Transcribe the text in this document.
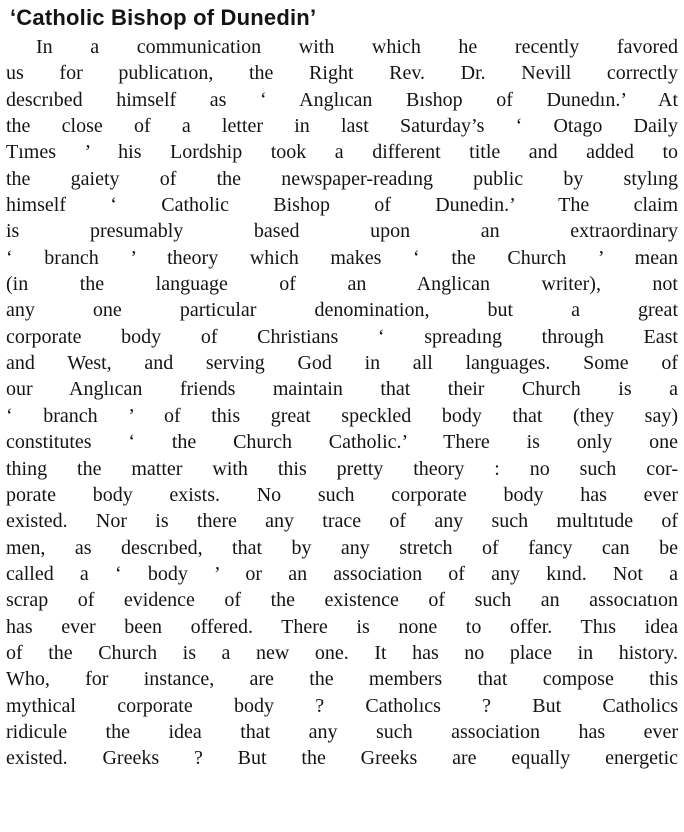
‘Catholic Bishop of Dunedin’
In a communication with which he recently favored
us for publicatıon, the Right Rev. Dr. Nevill correctly
descrıbed himself as ‘ Anglıcan Bıshop of Dunedın.’ At
the close of a letter in last Saturday’s ‘ Otago Daily
Tımes ’ his Lordship took a different title and added to
the gaiety of the newspaper-readıng public by stylıng
himself ‘ Catholic Bishop of Dunedin.’ The claim
is presumably based upon an extraordinary
‘ branch ’ theory which makes ‘ the Church ’ mean
(in the language of an Anglican writer), not
any one particular denomination, but a great
corporate body of Christians ‘ spreadıng through East
and West, and serving God in all languages. Some of
our Anglıcan friends maintain that their Church is a
‘ branch ’ of this great speckled body that (they say)
constitutes ‘ the Church Catholic.’ There is only one
thing the matter with this pretty theory : no such cor-
porate body exists. No such corporate body has ever
existed. Nor is there any trace of any such multıtude of
men, as descrıbed, that by any stretch of fancy can be
called a ‘ body ’ or an association of any kınd. Not a
scrap of evidence of the existence of such an assocıatıon
has ever been offered. There is none to offer. Thıs idea
of the Church is a new one. It has no place in history.
Who, for instance, are the members that compose this
mythical corporate body ? Catholıcs ? But Catholics
ridicule the idea that any such association has ever
existed. Greeks ? But the Greeks are equally energetic
